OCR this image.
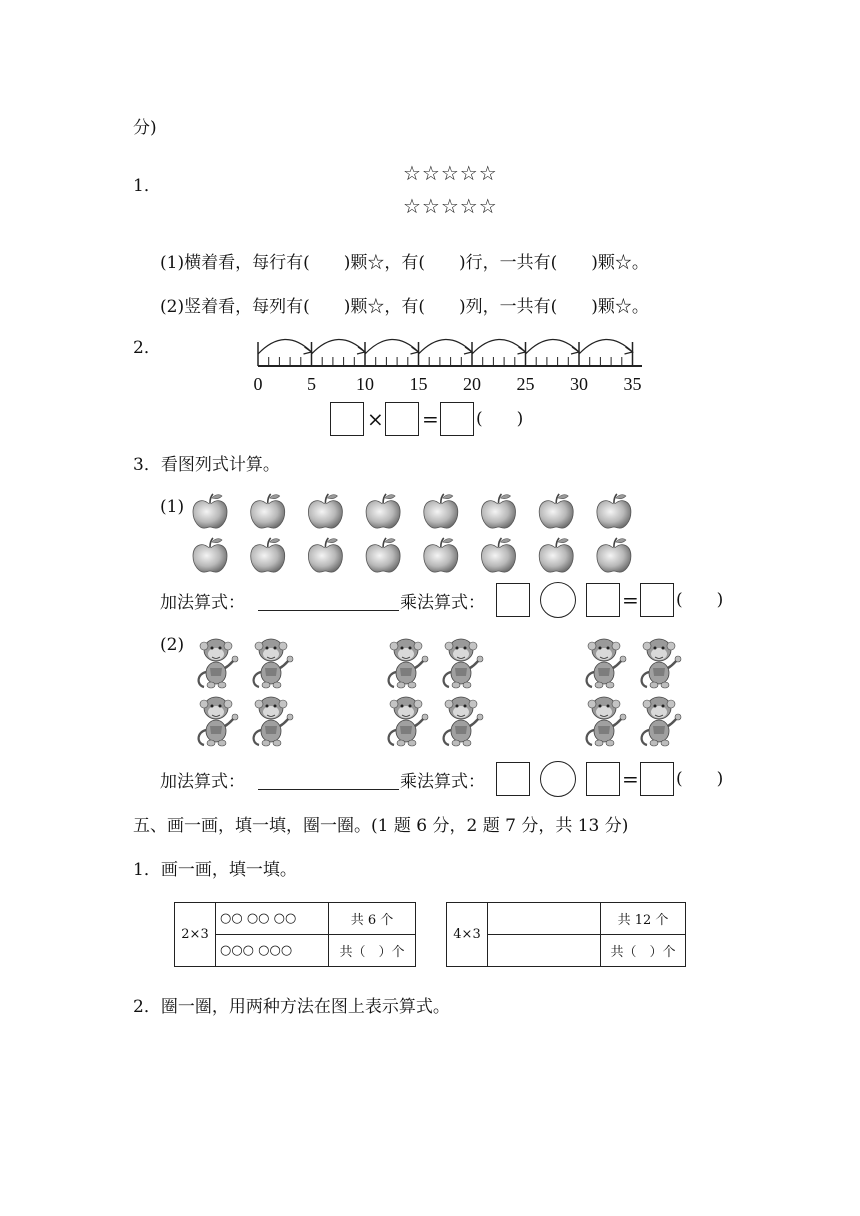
分)
1．
☆☆☆☆☆
☆☆☆☆☆
(1)横着看，每行有(　　)颗☆，有(　　)行，一共有(　　)颗☆。
(2)竖着看，每列有(　　)颗☆，有(　　)列，一共有(　　)颗☆。
2．
0 5 10 15 20 25 30 35
× = (　　)
3．看图列式计算。
(1)
加法算式：	乘法算式：	= (　　)
(2)
加法算式：	乘法算式：	= (　　)
五、画一画，填一填，圈一圈。(1 题 6 分，2 题 7 分，共 13 分)
1．画一画，填一填。
2×3	○○ ○○ ○○	共 6 个
	○○○ ○○○	共（　）个
4×3		共 12 个
		共（　）个
2．圈一圈，用两种方法在图上表示算式。
